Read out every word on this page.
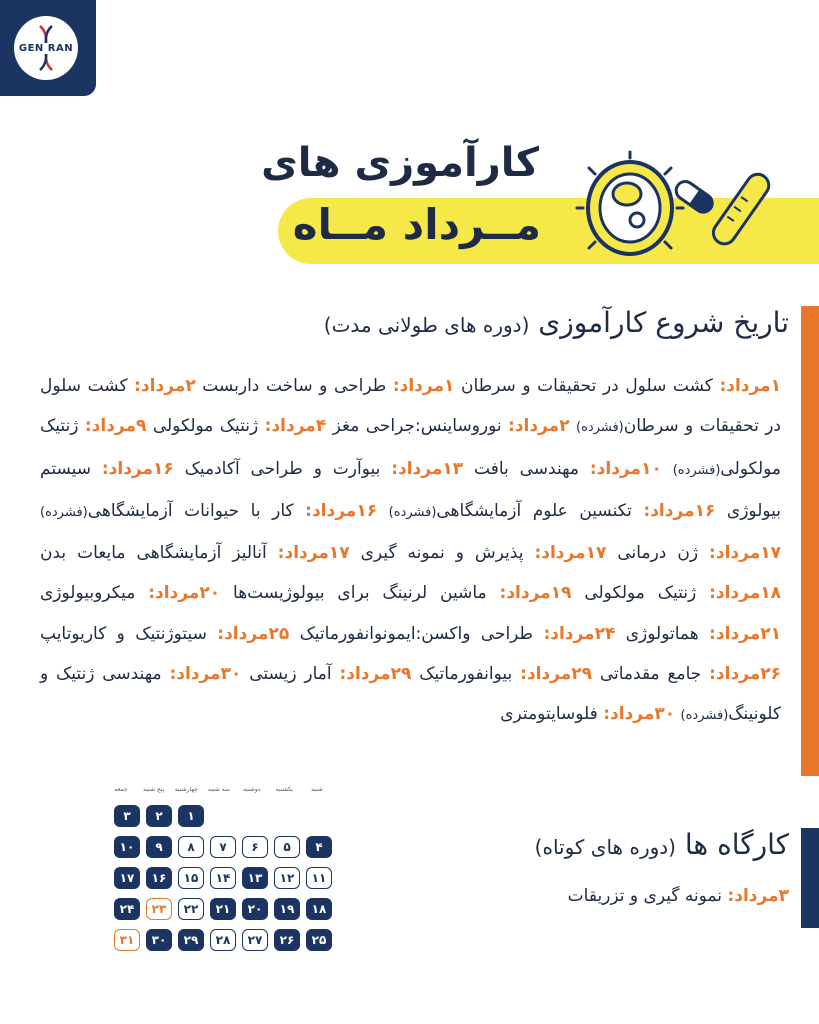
GEN RAN
کارآموزی های
مــرداد مــاه
تاریخ شروع کارآموزی (دوره های طولانی مدت)
۱مرداد: کشت سلول در تحقیقات و سرطان ۱مرداد: طراحی و ساخت داربست ۲مرداد: کشت سلول در تحقیقات و سرطان(فشرده) ۲مرداد: نوروساینس:جراحی مغز ۴مرداد: ژنتیک مولکولی ۹مرداد: ژنتیک مولکولی(فشرده) ۱۰مرداد: مهندسی بافت ۱۳مرداد: بیوآرت و طراحی آکادمیک ۱۶مرداد: سیستم بیولوژی ۱۶مرداد: تکنسین علوم آزمایشگاهی(فشرده) ۱۶مرداد: کار با حیوانات آزمایشگاهی(فشرده) ۱۷مرداد: ژن درمانی ۱۷مرداد: پذیرش و نمونه گیری ۱۷مرداد: آنالیز آزمایشگاهی مایعات بدن ۱۸مرداد: ژنتیک مولکولی ۱۹مرداد: ماشین لرنینگ برای بیولوژیست‌ها ۲۰مرداد: میکروبیولوژی ۲۱مرداد: هماتولوژی ۲۴مرداد: طراحی واکسن:ایمونوانفورماتیک ۲۵مرداد: سیتوژنتیک و کاریوتایپ ۲۶مرداد: جامع مقدماتی ۲۹مرداد: بیوانفورماتیک ۲۹مرداد: آمار زیستی ۳۰مرداد: مهندسی ژنتیک و کلونینگ(فشرده) ۳۰مرداد: فلوسایتومتری
شنبه
یکشنبه
دوشنبه
سه شنبه
چهارشنبه
پنج شنبه
جمعه
۱
۲
۳
۴
۵
۶
۷
۸
۹
۱۰
۱۱
۱۲
۱۳
۱۴
۱۵
۱۶
۱۷
۱۸
۱۹
۲۰
۲۱
۲۲
۲۳
۲۴
۲۵
۲۶
۲۷
۲۸
۲۹
۳۰
۳۱
کارگاه ها (دوره های کوتاه)
۳مرداد: نمونه گیری و تزریقات
